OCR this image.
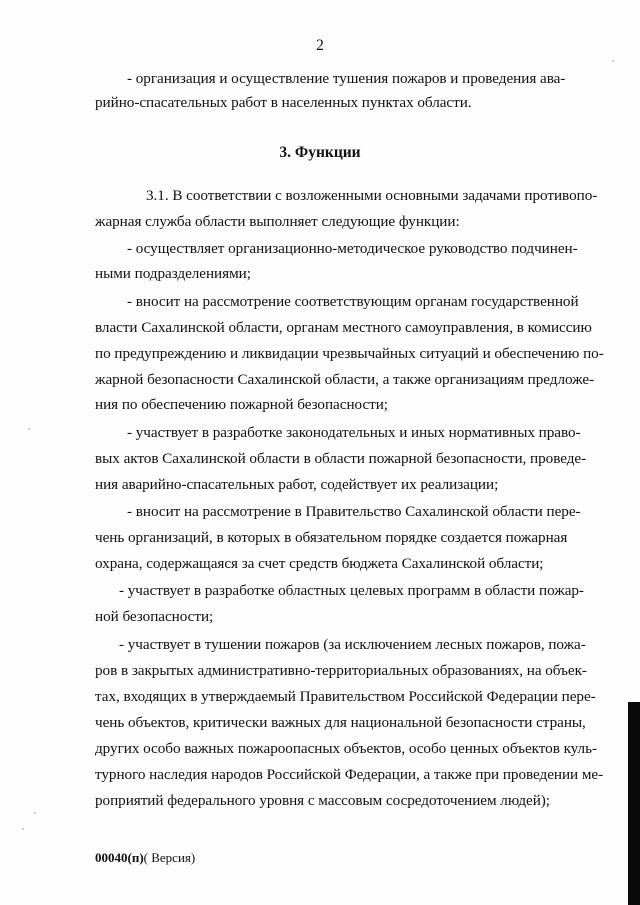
2
- организация и осуществление тушения пожаров и проведения ава-
рийно-спасательных работ в населенных пунктах области.
3. Функции
3.1. В соответствии с возложенными основными задачами противопо-
жарная служба области выполняет следующие функции:
- осуществляет организационно-методическое руководство подчинен-
ными подразделениями;
- вносит на рассмотрение соответствующим органам государственной
власти Сахалинской области, органам местного самоуправления, в комиссию
по предупреждению и ликвидации чрезвычайных ситуаций и обеспечению по-
жарной безопасности Сахалинской области, а также организациям предложе-
ния по обеспечению пожарной безопасности;
- участвует в разработке законодательных и иных нормативных право-
вых актов Сахалинской области в области пожарной безопасности, проведе-
ния аварийно-спасательных работ, содействует их реализации;
- вносит на рассмотрение в Правительство Сахалинской области пере-
чень организаций, в которых в обязательном порядке создается пожарная
охрана, содержащаяся за счет средств бюджета Сахалинской области;
- участвует в разработке областных целевых программ в области пожар-
ной безопасности;
- участвует в тушении пожаров (за исключением лесных пожаров, пожа-
ров в закрытых административно-территориальных образованиях, на объек-
тах, входящих в утверждаемый Правительством Российской Федерации пере-
чень объектов, критически важных для национальной безопасности страны,
других особо важных пожароопасных объектов, особо ценных объектов куль-
турного наследия народов Российской Федерации, а также при проведении ме-
роприятий федерального уровня с массовым сосредоточением людей);
00040(п)( Версия)
